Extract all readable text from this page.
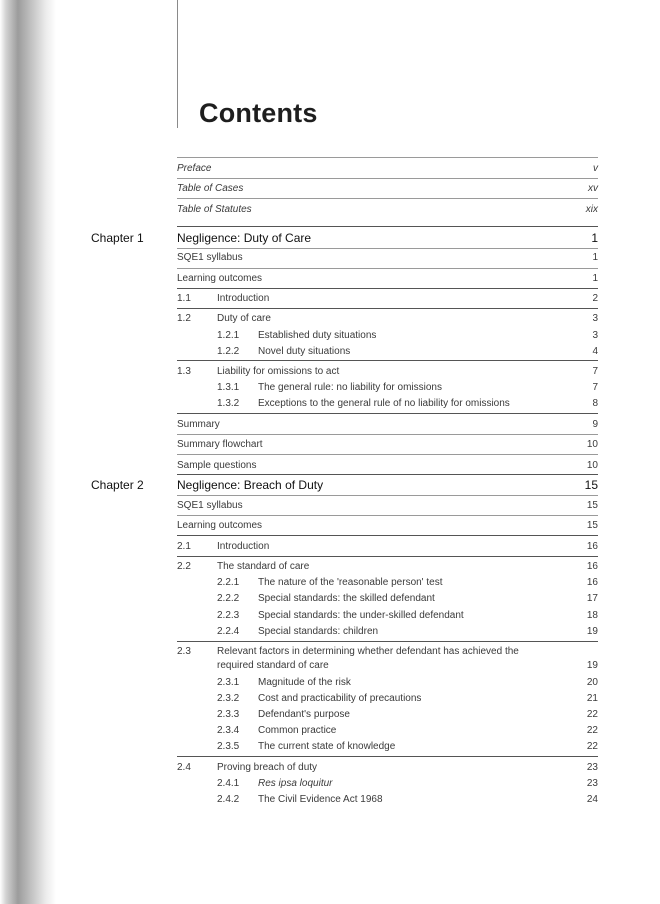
Contents
Preface	v
Table of Cases	xv
Table of Statutes	xix
Chapter 1	Negligence: Duty of Care	1
SQE1 syllabus	1
Learning outcomes	1
1.1	Introduction	2
1.2	Duty of care	3
1.2.1 Established duty situations	3
1.2.2 Novel duty situations	4
1.3	Liability for omissions to act	7
1.3.1 The general rule: no liability for omissions	7
1.3.2 Exceptions to the general rule of no liability for omissions	8
Summary	9
Summary flowchart	10
Sample questions	10
Chapter 2	Negligence: Breach of Duty	15
SQE1 syllabus	15
Learning outcomes	15
2.1	Introduction	16
2.2	The standard of care	16
2.2.1 The nature of the 'reasonable person' test	16
2.2.2 Special standards: the skilled defendant	17
2.2.3 Special standards: the under-skilled defendant	18
2.2.4 Special standards: children	19
2.3	Relevant factors in determining whether defendant has achieved the
required standard of care	19
2.3.1 Magnitude of the risk	20
2.3.2 Cost and practicability of precautions	21
2.3.3 Defendant's purpose	22
2.3.4 Common practice	22
2.3.5 The current state of knowledge	22
2.4	Proving breach of duty	23
2.4.1 Res ipsa loquitur	23
2.4.2 The Civil Evidence Act 1968	24
